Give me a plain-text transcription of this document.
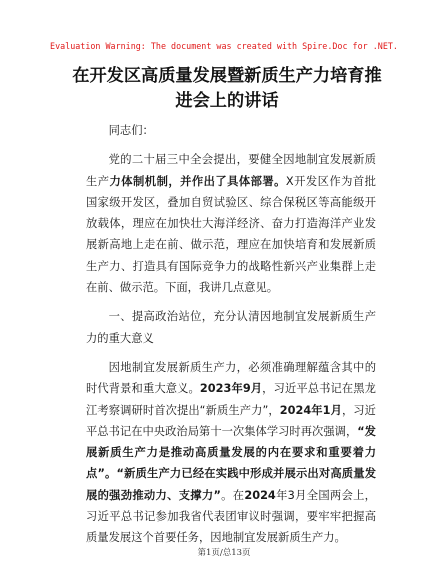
Evaluation Warning: The document was created with Spire.Doc for .NET.
在开发区高质量发展暨新质生产力培育推进会上的讲话

同志们：

党的二十届三中全会提出，要健全因地制宜发展新质生产力体制机制，并作出了具体部署。X开发区作为首批国家级开发区，叠加自贸试验区、综合保税区等高能级开放载体，理应在加快壮大海洋经济、奋力打造海洋产业发展新高地上走在前、做示范，理应在加快培育和发展新质生产力、打造具有国际竞争力的战略性新兴产业集群上走在前、做示范。下面，我讲几点意见。

一、提高政治站位，充分认清因地制宜发展新质生产力的重大意义

因地制宜发展新质生产力，必须准确理解蕴含其中的时代背景和重大意义。2023年9月，习近平总书记在黑龙江考察调研时首次提出“新质生产力”，2024年1月，习近平总书记在中央政治局第十一次集体学习时再次强调，“发展新质生产力是推动高质量发展的内在要求和重要着力点”。“新质生产力已经在实践中形成并展示出对高质量发展的强劲推动力、支撑力”。在2024年3月全国两会上，习近平总书记参加我省代表团审议时强调，要牢牢把握高质量发展这个首要任务，因地制宜发展新质生产力。

第1页/总13页
